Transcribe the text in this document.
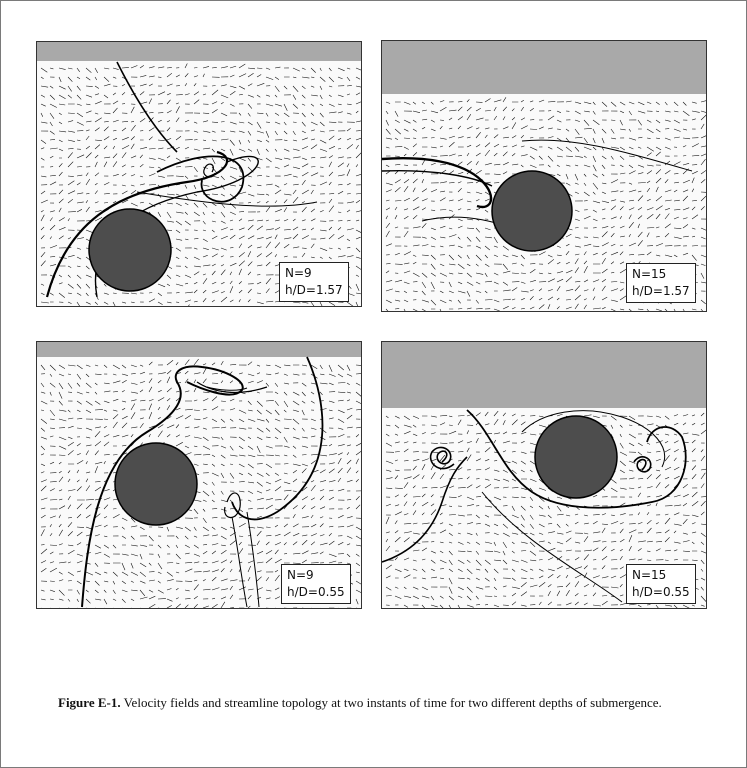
N=9
h/D=1.57
N=15
h/D=1.57
N=9
h/D=0.55
N=15
h/D=0.55
Figure E-1. Velocity fields and streamline topology at two instants of time for two different depths of submergence.
